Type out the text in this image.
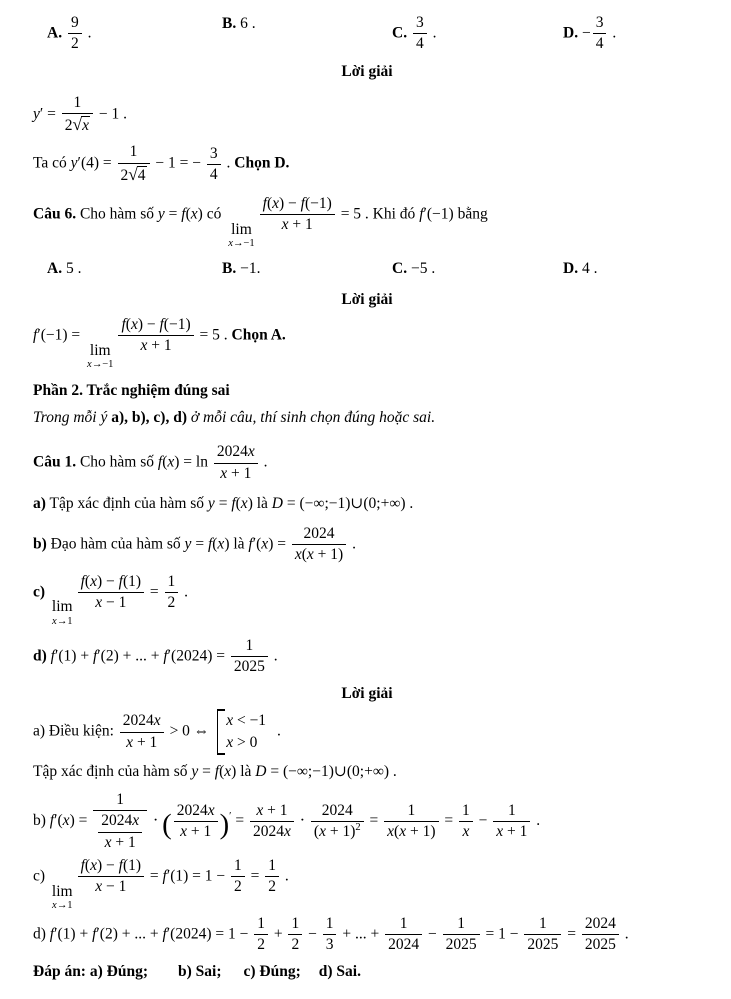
A. $\frac{9}{2}$ .
B. 6 .
C. $\frac{3}{4}$ .	D. − $\frac{3}{4}$ .
Lời giải
$y' = \frac{1}{2√x} - 1$ .
Ta có $y'(4) = \frac{1}{2√4} - 1$ = − $\frac{3}{4}$ . Chọn D.
Câu 6. Cho hàm số y = f(x) có
lim
x→−1
$\frac{f(x) - f(-1)}{x + 1} = 5$ . Khi đó f′(−1) bằng
A. 5 .	B. −1.	C. −5 .	D. 4 .
Lời giải
f′(−1) =
lim
x→−1
$\frac{f(x) - f(-1)}{x + 1} = 5$ . Chọn A.
Phần 2. Trắc nghiệm đúng sai
Trong mỗi ý a), b), c), d) ở mỗi câu, thí sinh chọn đúng hoặc sai.
Câu 1. Cho hàm số $f(x) = \ln \frac{2024x}{x + 1}$ .
a) Tập xác định của hàm số y = f(x) là D = (−∞;−1)∪(0;+∞) .
b) Đạo hàm của hàm số y = f(x) là $f'(x) = \frac{2024}{x(x + 1)}$ .
c)
lim
x→1
$\frac{f(x) - f(1)}{x - 1} = \frac{1}{2}$ .
d) f′(1) + f′(2) + ... + $f'(2024) = \frac{1}{2025}$ .
Lời giải
a) Điều kiện: $\frac{2024x}{x + 1} > 0$ ⇔
x < −1
x > 0
.
Tập xác định của hàm số y = f(x) là D = (−∞;−1)∪(0;+∞) .
b) $f'(x) = \frac{1}{\frac{2024x}{x + 1}}$ ⋅ ( $\frac{2024x}{x + 1} )' = \frac{x + 1}{2024x} \cdot \frac{2024}{(x + 1)^2} = \frac{1}{x(x + 1)} = \frac{1}{x} - \frac{1}{x + 1}$ .
c)
lim
x→1
$\frac{f(x) - f(1)}{x - 1} = f'(1) = 1 - \frac{1}{2} = \frac{1}{2}$ .
d) f′(1) + f′(2) + ... + $f'(2024) = 1 - \frac{1}{2} + \frac{1}{2} - \frac{1}{3}$ + ... + $\frac{1}{2024} - \frac{1}{2025} = 1 - \frac{1}{2025} = \frac{2024}{2025}$ .
Đáp án: a) Đúng; b) Sai; c) Đúng; d) Sai.
